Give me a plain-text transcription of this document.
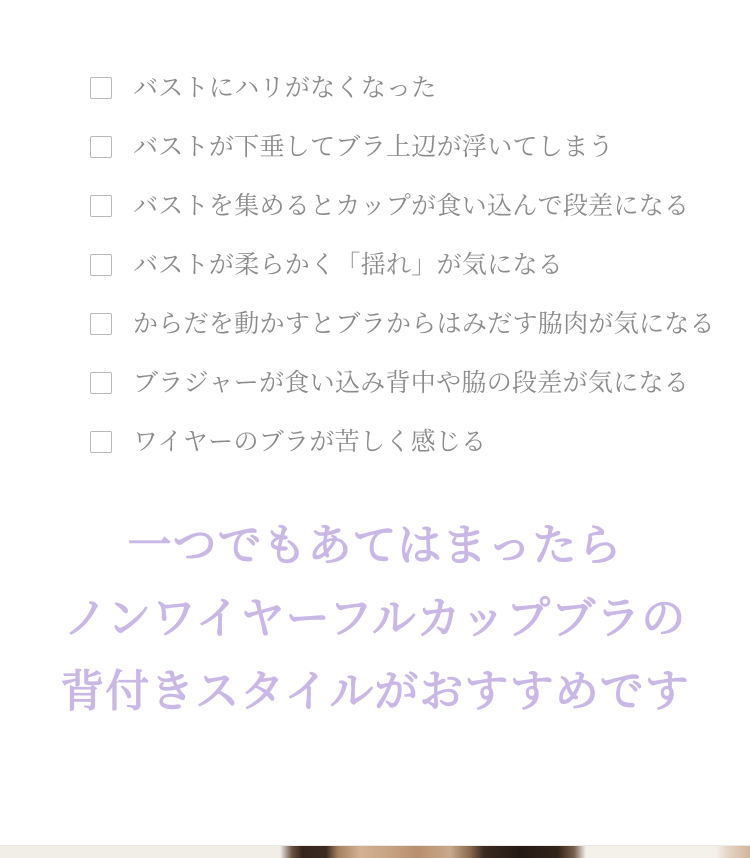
バストにハリがなくなった
バストが下垂してブラ上辺が浮いてしまう
バストを集めるとカップが食い込んで段差になる
バストが柔らかく「揺れ」が気になる
からだを動かすとブラからはみだす脇肉が気になる
ブラジャーが食い込み背中や脇の段差が気になる
ワイヤーのブラが苦しく感じる
一つでもあてはまったら
ノンワイヤーフルカップブラの
背付きスタイルがおすすめです
